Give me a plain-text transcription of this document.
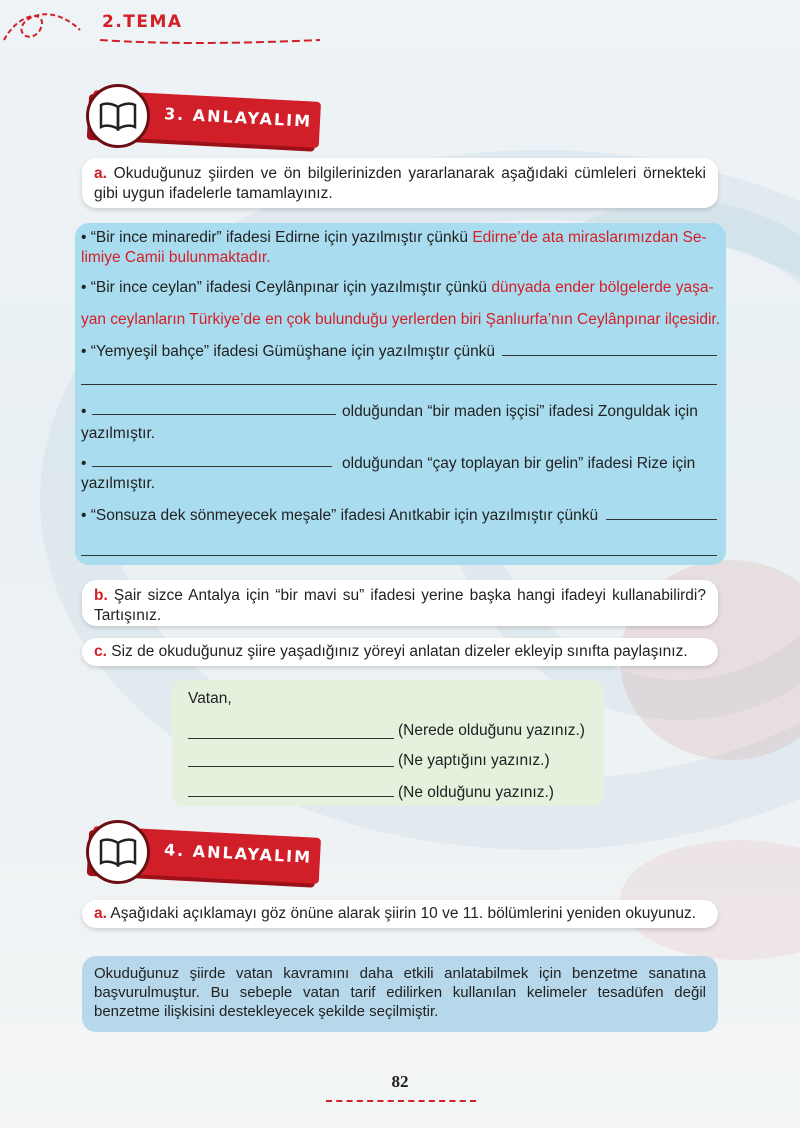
2.TEMA
3. ANLAYALIM
a. Okuduğunuz şiirden ve ön bilgilerinizden yararlanarak aşağıdaki cümleleri örnekteki gibi uygun ifadelerle tamamlayınız.
• “Bir ince minaredir” ifadesi Edirne için yazılmıştır çünkü Edirne’de ata miraslarımızdan Se-
limiye Camii bulunmaktadır.
• “Bir ince ceylan” ifadesi Ceylânpınar için yazılmıştır çünkü dünyada ender bölgelerde yaşa-
yan ceylanların Türkiye’de en çok bulunduğu yerlerden biri Şanlıurfa’nın Ceylânpınar ilçesidir.
• “Yemyeşil bahçe” ifadesi Gümüşhane için yazılmıştır çünkü
•	olduğundan “bir maden işçisi” ifadesi Zonguldak için
yazılmıştır.
•	olduğundan “çay toplayan bir gelin” ifadesi Rize için
yazılmıştır.
• “Sonsuza dek sönmeyecek meşale” ifadesi Anıtkabir için yazılmıştır çünkü
b. Şair sizce Antalya için “bir mavi su” ifadesi yerine başka hangi ifadeyi kullanabilirdi? Tartışınız.
c. Siz de okuduğunuz şiire yaşadığınız yöreyi anlatan dizeler ekleyip sınıfta paylaşınız.
Vatan,
(Nerede olduğunu yazınız.)
(Ne yaptığını yazınız.)
(Ne olduğunu yazınız.)
4. ANLAYALIM
a. Aşağıdaki açıklamayı göz önüne alarak şiirin 10 ve 11. bölümlerini yeniden okuyunuz.
Okuduğunuz şiirde vatan kavramını daha etkili anlatabilmek için benzetme sanatına başvurulmuştur. Bu sebeple vatan tarif edilirken kullanılan kelimeler tesadüfen değil benzetme ilişkisini destekleyecek şekilde seçilmiştir.
82
